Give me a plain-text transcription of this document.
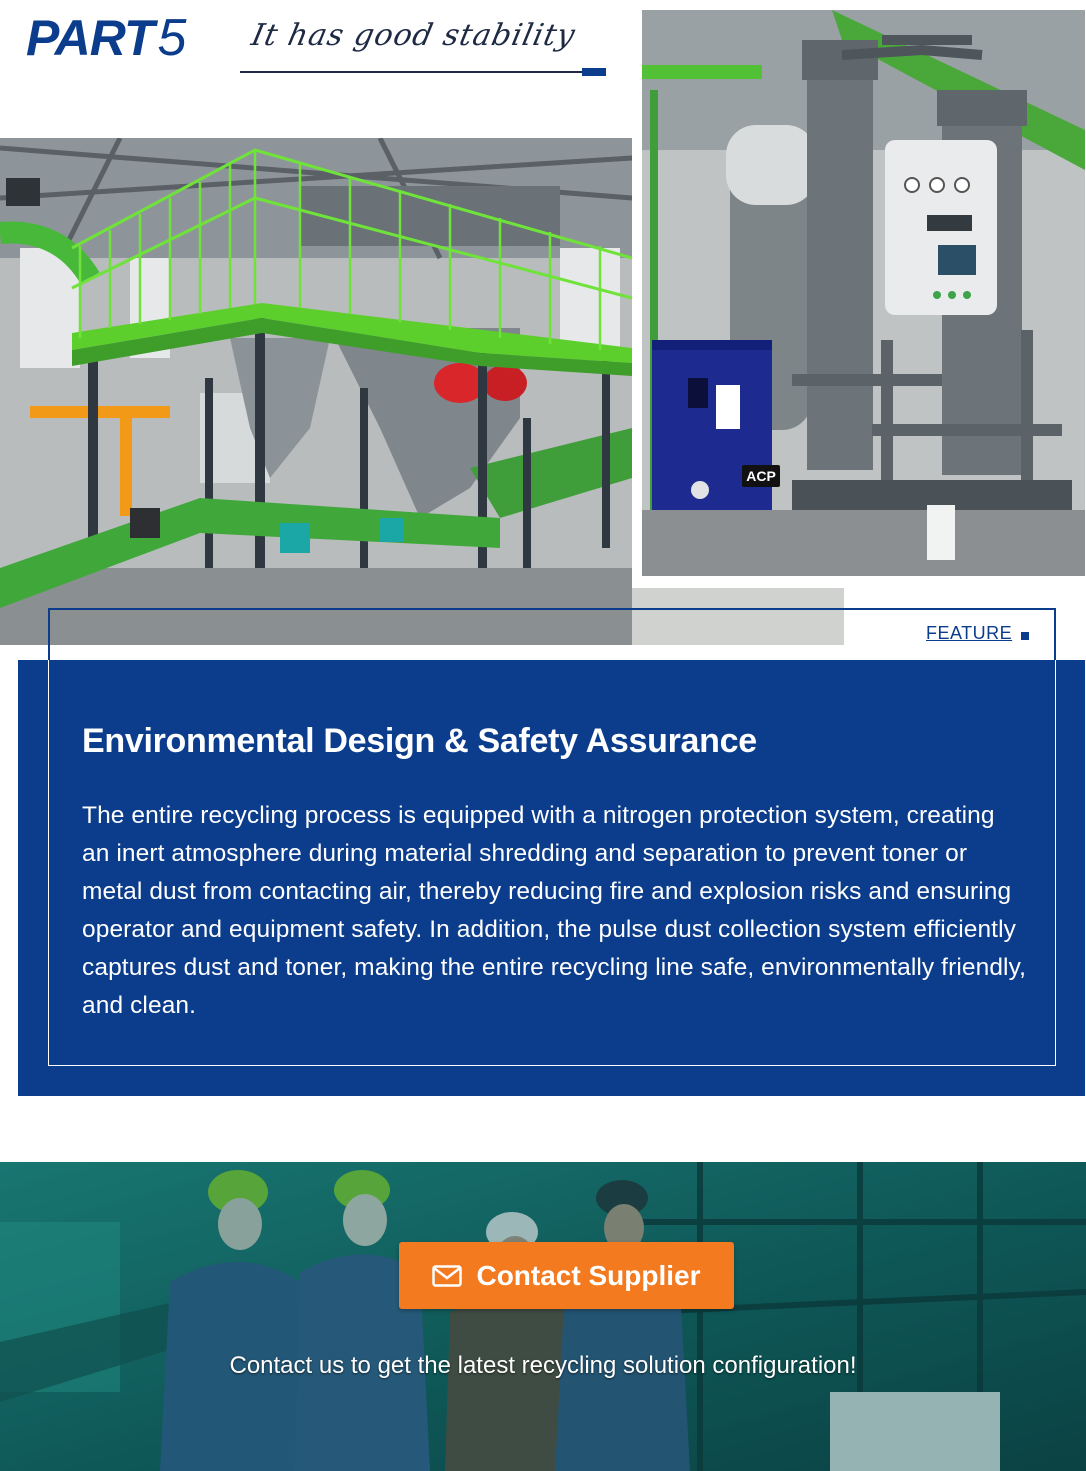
PART5 It has good stability
ACP
FEATURE
Environmental Design & Safety Assurance

The entire recycling process is equipped with a nitrogen protection system, creating an inert atmosphere during material shredding and separation to prevent toner or metal dust from contacting air, thereby reducing fire and explosion risks and ensuring operator and equipment safety. In addition, the pulse dust collection system efficiently captures dust and toner, making the entire recycling line safe, environmentally friendly, and clean.

Contact Supplier
Contact us to get the latest recycling solution configuration!
